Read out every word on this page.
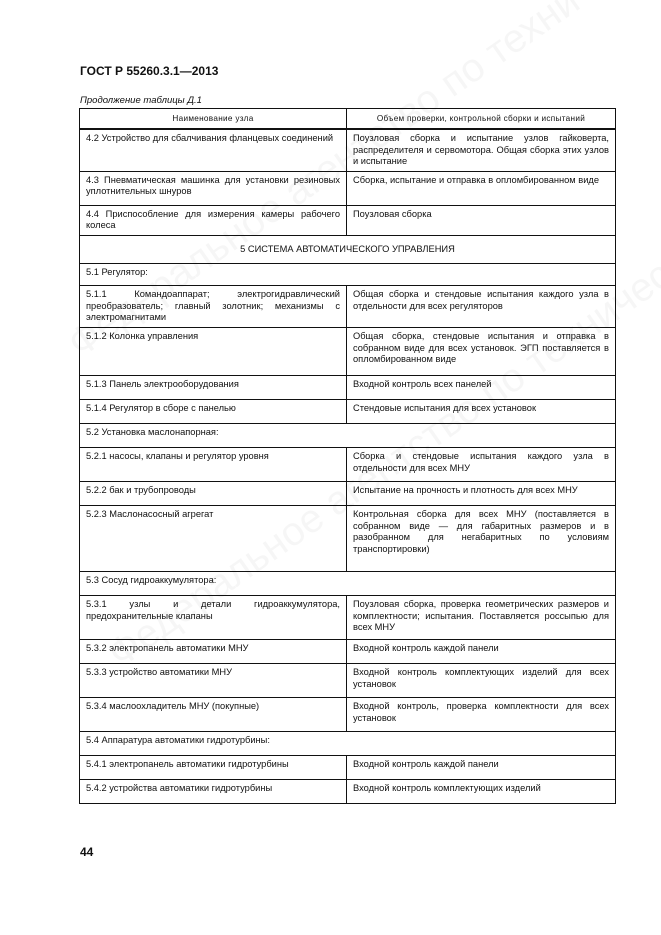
ГОСТ Р 55260.3.1—2013
Продолжение таблицы Д.1
Наименование узла	Объем проверки, контрольной сборки и испытаний
4.2 Устройство для сбалчивания фланцевых соединений	Поузловая сборка и испытание узлов гайковерта, распределителя и сервомотора. Общая сборка этих узлов и испытание
4.3 Пневматическая машинка для установки резиновых уплотнительных шнуров	Сборка, испытание и отправка в опломбированном виде
4.4 Приспособление для измерения камеры рабочего колеса	Поузловая сборка
5 СИСТЕМА АВТОМАТИЧЕСКОГО УПРАВЛЕНИЯ	
5.1 Регулятор:	
5.1.1 Командоаппарат; электрогидравлический преобразователь; главный золотник; механизмы с электромагнитами	Общая сборка и стендовые испытания каждого узла в отдельности для всех регуляторов
5.1.2 Колонка управления	Общая сборка, стендовые испытания и отправка в собранном виде для всех установок. ЭГП поставляется в опломбированном виде
5.1.3 Панель электрооборудования	Входной контроль всех панелей
5.1.4 Регулятор в сборе с панелью	Стендовые испытания для всех установок
5.2 Установка маслонапорная:	
5.2.1 насосы, клапаны и регулятор уровня	Сборка и стендовые испытания каждого узла в отдельности для всех МНУ
5.2.2 бак и трубопроводы	Испытание на прочность и плотность для всех МНУ
5.2.3 Маслонасосный агрегат	Контрольная сборка для всех МНУ (поставляется в собранном виде — для габаритных размеров и в разобранном для негабаритных по условиям транспортировки)
5.3 Сосуд гидроаккумулятора:	
5.3.1 узлы и детали гидроаккумулятора, предохранительные клапаны	Поузловая сборка, проверка геометрических размеров и комплектности; испытания. Поставляется россыпью для всех МНУ
5.3.2 электропанель автоматики МНУ	Входной контроль каждой панели
5.3.3 устройство автоматики МНУ	Входной контроль комплектующих изделий для всех установок
5.3.4 маслоохладитель МНУ (покупные)	Входной контроль, проверка комплектности для всех установок
5.4 Аппаратура автоматики гидротурбины:	
5.4.1 электропанель автоматики гидротурбины	Входной контроль каждой панели
5.4.2 устройства автоматики гидротурбины	Входной контроль комплектующих изделий
44
